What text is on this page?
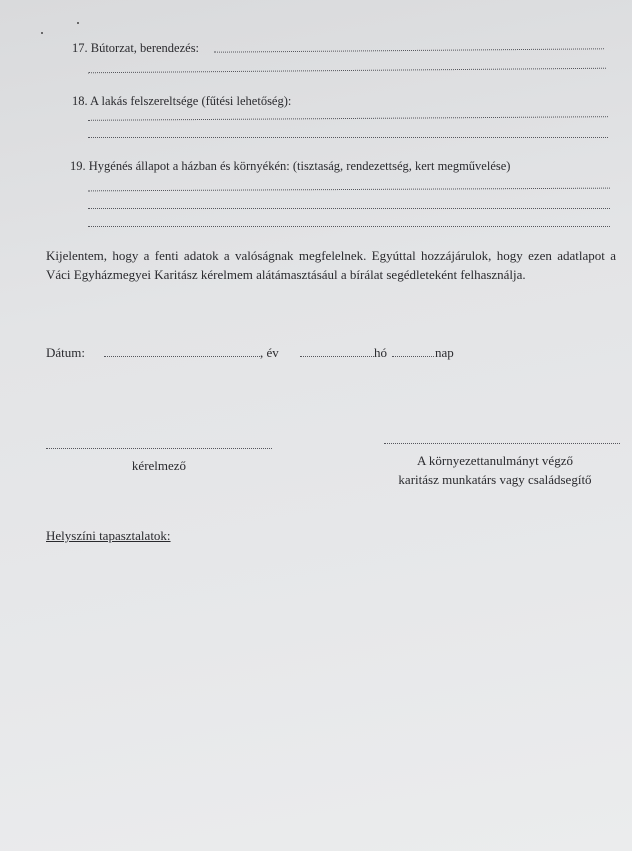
17. Bútorzat, berendezés:
18. A lakás felszereltsége (fűtési lehetőség):
19. Hygénés állapot a házban és környékén: (tisztaság, rendezettség, kert megművelése)
Kijelentem, hogy a fenti adatok a valóságnak megfelelnek. Egyúttal hozzájárulok, hogy ezen adatlapot a Váci Egyházmegyei Karitász kérelmem alátámasztásául a bírálat segédleteként felhasználja.
Dátum:	, év	hó	nap
kérelmező	A környezettanulmányt végző
karitász munkatárs vagy családsegítő
Helyszíni tapasztalatok:
